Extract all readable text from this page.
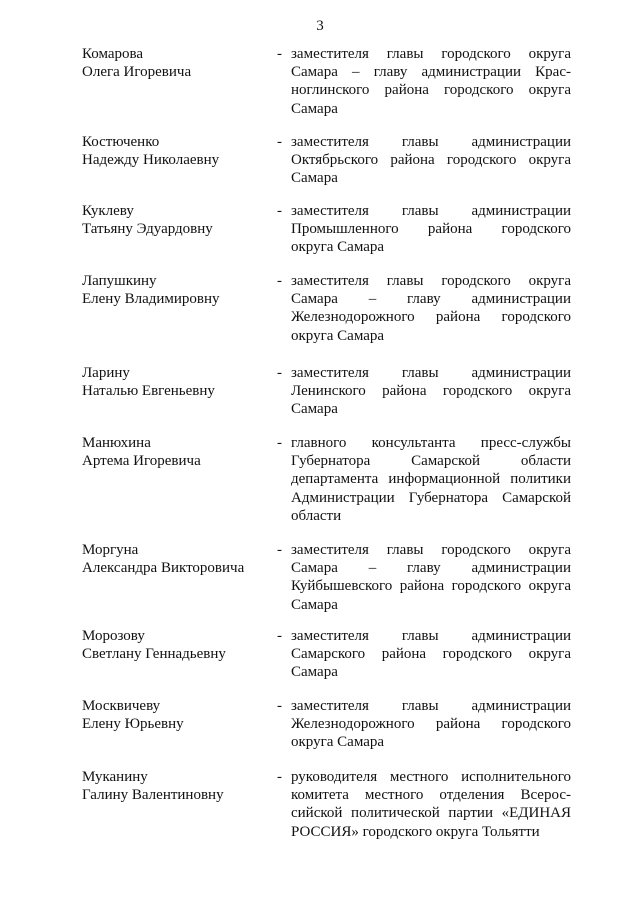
3
Комарова
Олега Игоревича
- заместителя главы городского округа
Самара – главу администрации Крас-
ноглинского района городского округа
Самара
Костюченко
Надежду Николаевну
- заместителя главы администрации
Октябрьского района городского округа
Самара
Куклеву
Татьяну Эдуардовну
- заместителя главы администрации
Промышленного района городского
округа Самара
Лапушкину
Елену Владимировну
- заместителя главы городского округа
Самара – главу администрации
Железнодорожного района городского
округа Самара
Ларину
Наталью Евгеньевну
- заместителя главы администрации
Ленинского района городского округа
Самара
Манюхина
Артема Игоревича
- главного консультанта пресс-службы
Губернатора Самарской области
департамента информационной политики
Администрации Губернатора Самарской
области
Моргуна
Александра Викторовича
- заместителя главы городского округа
Самара – главу администрации
Куйбышевского района городского округа
Самара
Морозову
Светлану Геннадьевну
- заместителя главы администрации
Самарского района городского округа
Самара
Москвичеву
Елену Юрьевну
- заместителя главы администрации
Железнодорожного района городского
округа Самара
Муканину
Галину Валентиновну
- руководителя местного исполнительного
комитета местного отделения Всерос-
сийской политической партии «ЕДИНАЯ
РОССИЯ» городского округа Тольятти
